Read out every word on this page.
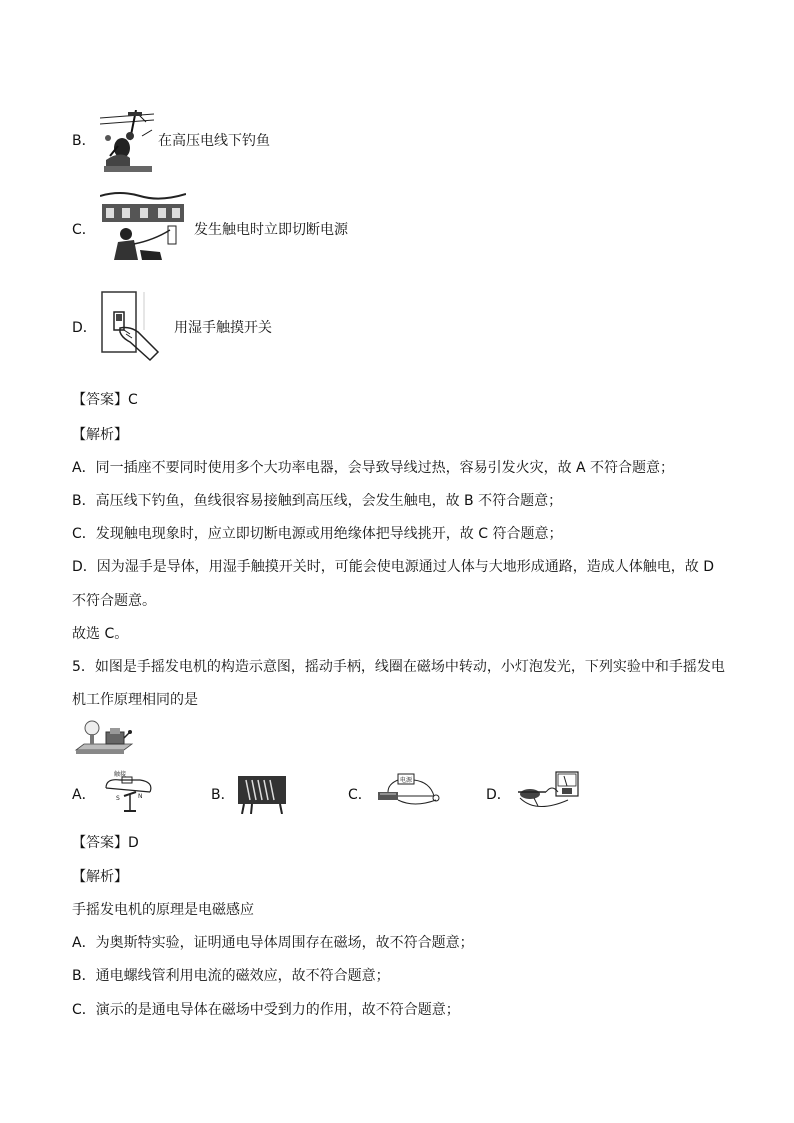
B．	在高压电线下钓鱼
C．	发生触电时立即切断电源
D．	用湿手触摸开关
【答案】C
【解析】
A．同一插座不要同时使用多个大功率电器，会导致导线过热，容易引发火灾，故 A 不符合题意；
B．高压线下钓鱼，鱼线很容易接触到高压线，会发生触电，故 B 不符合题意；
C．发现触电现象时，应立即切断电源或用绝缘体把导线挑开，故 C 符合题意；
D．因为湿手是导体，用湿手触摸开关时，可能会使电源通过人体与大地形成通路，造成人体触电，故 D
不符合题意。
故选 C。
5．如图是手摇发电机的构造示意图，摇动手柄，线圈在磁场中转动，小灯泡发光，下列实验中和手摇发电
机工作原理相同的是
A．
触接
S	N	B．	C．
电源
D．
【答案】D
【解析】
手摇发电机的原理是电磁感应
A．为奥斯特实验，证明通电导体周围存在磁场，故不符合题意；
B．通电螺线管利用电流的磁效应，故不符合题意；
C．演示的是通电导体在磁场中受到力的作用，故不符合题意；
